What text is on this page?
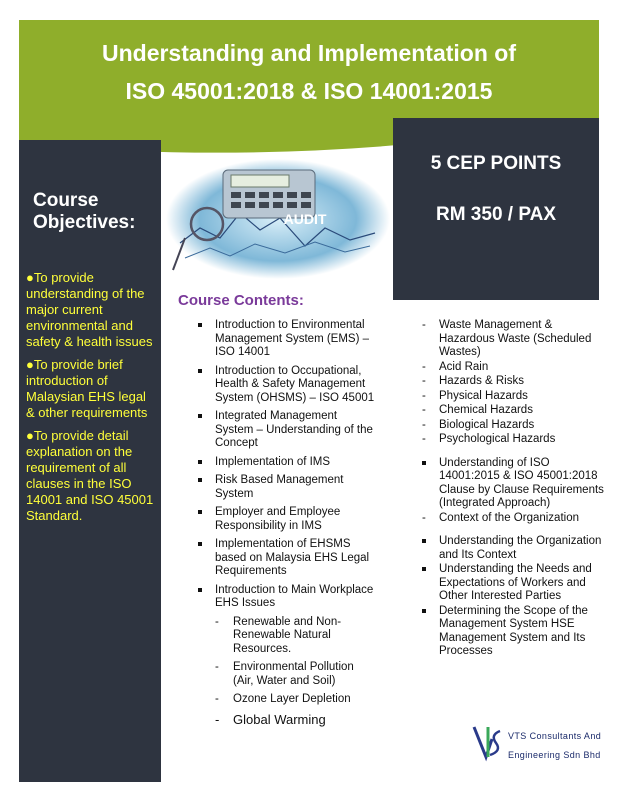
Understanding and Implementation of
ISO 45001:2018 & ISO 14001:2015
Course
Objectives:
●To provide understanding of the major current environmental and safety & health issues
●To provide brief introduction of Malaysian EHS legal & other requirements
●To provide detail explanation on the requirement of all clauses in the ISO 14001 and ISO 45001 Standard.
5 CEP POINTS
RM 350 / PAX
AUDIT
Course Contents:
Introduction to Environmental Management System (EMS) – ISO 14001
Introduction to Occupational, Health & Safety Management System (OHSMS) – ISO 45001
Integrated Management System – Understanding of the Concept
Implementation of IMS
Risk Based Management System
Employer and Employee Responsibility in IMS
Implementation of EHSMS based on Malaysia EHS Legal Requirements
Introduction to Main Workplace EHS Issues
- Renewable and Non-Renewable Natural Resources.
- Environmental Pollution (Air, Water and Soil)
- Ozone Layer Depletion
- Global Warming
- Waste Management & Hazardous Waste (Scheduled Wastes)
- Acid Rain
- Hazards & Risks
- Physical Hazards
- Chemical Hazards
- Biological Hazards
- Psychological Hazards
Understanding of ISO 14001:2015 & ISO 45001:2018 Clause by Clause Requirements (Integrated Approach)
- Context of the Organization
Understanding the Organization and Its Context
Understanding the Needs and Expectations of Workers and Other Interested Parties
Determining the Scope of the Management System HSE Management System and Its Processes
VTS Consultants And
Engineering Sdn Bhd
